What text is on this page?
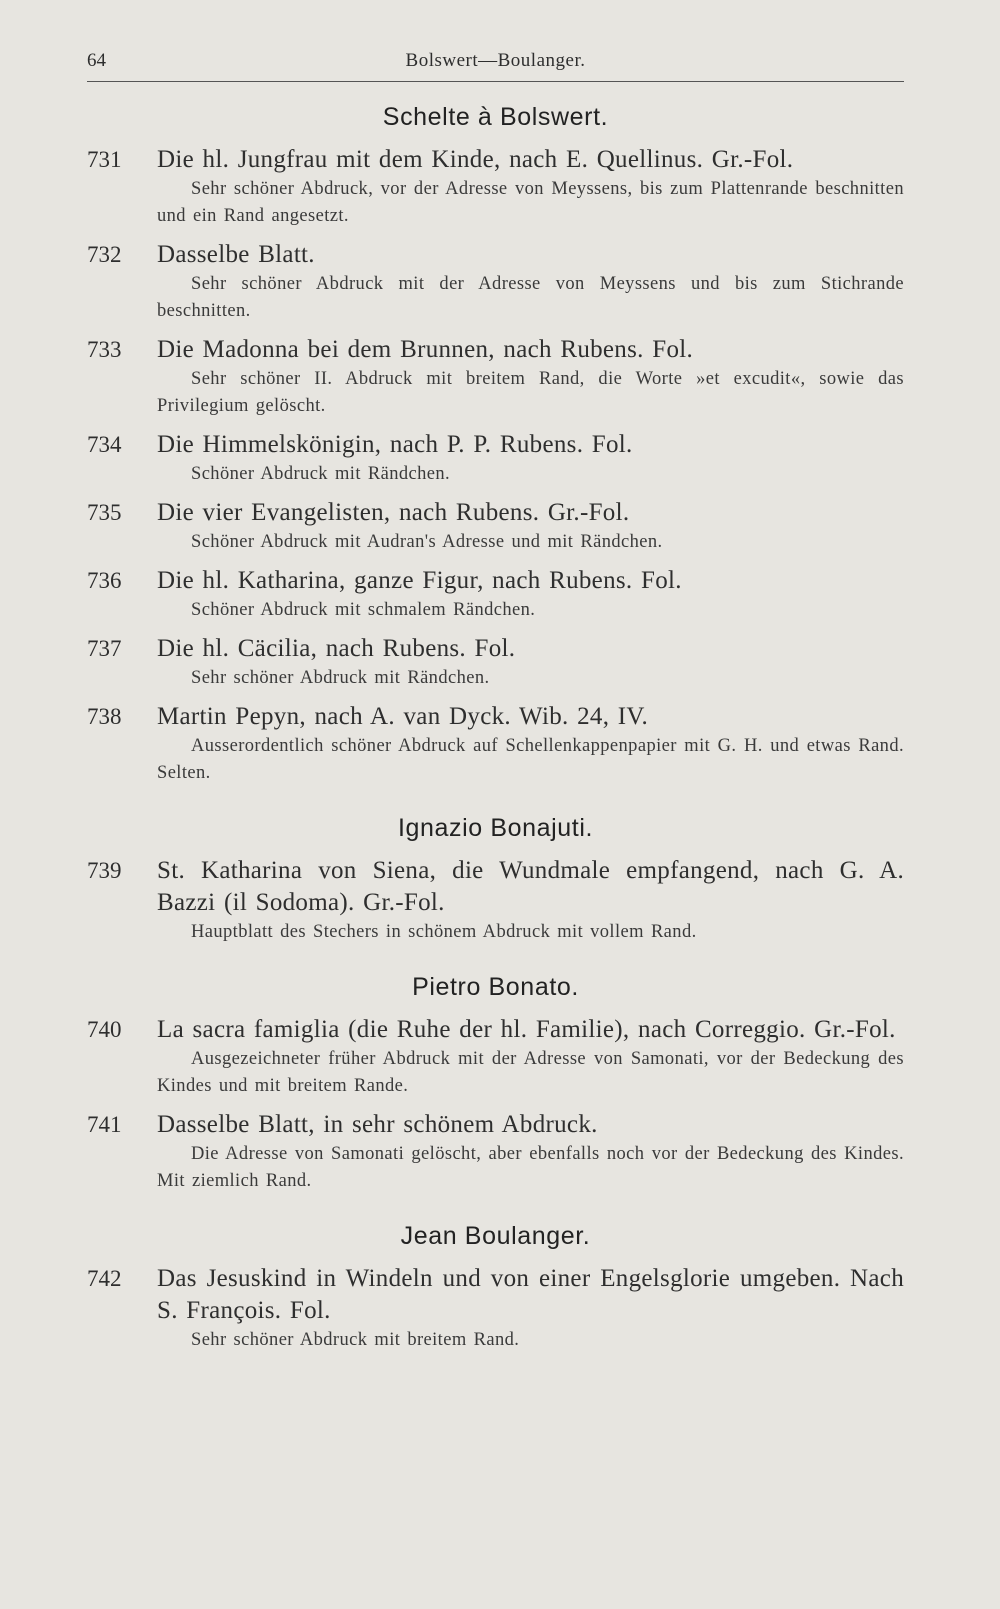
64	Bolswert—Boulanger.
Schelte à Bolswert.
731 Die hl. Jungfrau mit dem Kinde, nach E. Quellinus. Gr.-Fol.
Sehr schöner Abdruck, vor der Adresse von Meyssens, bis zum Plattenrande beschnitten und ein Rand angesetzt.
732 Dasselbe Blatt.
Sehr schöner Abdruck mit der Adresse von Meyssens und bis zum Stichrande beschnitten.
733 Die Madonna bei dem Brunnen, nach Rubens. Fol.
Sehr schöner II. Abdruck mit breitem Rand, die Worte »et excudit«, sowie das Privilegium gelöscht.
734 Die Himmelskönigin, nach P. P. Rubens. Fol.
Schöner Abdruck mit Rändchen.
735 Die vier Evangelisten, nach Rubens. Gr.-Fol.
Schöner Abdruck mit Audran's Adresse und mit Rändchen.
736 Die hl. Katharina, ganze Figur, nach Rubens. Fol.
Schöner Abdruck mit schmalem Rändchen.
737 Die hl. Cäcilia, nach Rubens. Fol.
Sehr schöner Abdruck mit Rändchen.
738 Martin Pepyn, nach A. van Dyck. Wib. 24, IV.
Ausserordentlich schöner Abdruck auf Schellenkappenpapier mit G. H. und etwas Rand. Selten.
Ignazio Bonajuti.
739 St. Katharina von Siena, die Wundmale empfangend, nach G. A. Bazzi (il Sodoma). Gr.-Fol.
Hauptblatt des Stechers in schönem Abdruck mit vollem Rand.
Pietro Bonato.
740 La sacra famiglia (die Ruhe der hl. Familie), nach Correggio. Gr.-Fol.
Ausgezeichneter früher Abdruck mit der Adresse von Samonati, vor der Bedeckung des Kindes und mit breitem Rande.
741 Dasselbe Blatt, in sehr schönem Abdruck.
Die Adresse von Samonati gelöscht, aber ebenfalls noch vor der Bedeckung des Kindes. Mit ziemlich Rand.
Jean Boulanger.
742 Das Jesuskind in Windeln und von einer Engelsglorie umgeben. Nach S. François. Fol.
Sehr schöner Abdruck mit breitem Rand.
